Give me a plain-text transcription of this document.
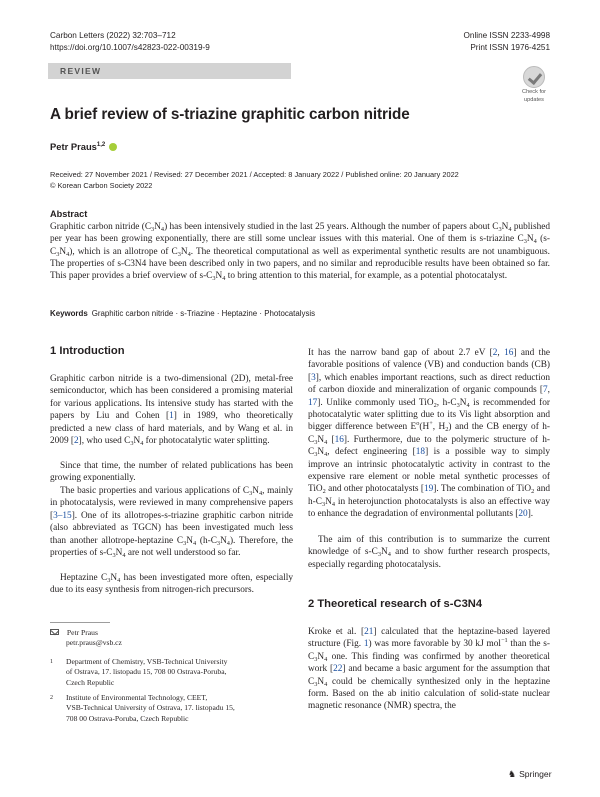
Carbon Letters (2022) 32:703–712
https://doi.org/10.1007/s42823-022-00319-9
Online ISSN 2233-4998
Print ISSN 1976-4251
REVIEW
Check for
updates
A brief review of s-triazine graphitic carbon nitride
Petr Praus$^{1,2}$
Received: 27 November 2021 / Revised: 27 December 2021 / Accepted: 8 January 2022 / Published online: 20 January 2022
© Korean Carbon Society 2022
Abstract
Graphitic carbon nitride $(C_3N_4)$ has been intensively studied in the last 25 years. Although the number of papers about $C_3N_4$ published per year has been growing exponentially, there are still some unclear issues with this material. One of them is s-triazine $C_3N_4$ $(s-C_3N_4)$, which is an allotrope of $C_3N_4$. The theoretical computational as well as experimental synthetic results are not unambiguous. The properties of s-C3N4 have been described only in two papers, and no similar and reproducible results have been obtained so far. This paper provides a brief overview of $s-C_3N_4$ to bring attention to this material, for example, as a potential photocatalyst.
Keywords Graphitic carbon nitride · s-Triazine · Heptazine · Photocatalysis
1 Introduction
Graphitic carbon nitride is a two-dimensional (2D), metal-free semiconductor, which has been considered a promising material for various applications. Its intensive study has started with the papers by Liu and Cohen [1] in 1989, who theoretically predicted a new class of hard materials, and by Wang et al. in 2009 [2], who used $C_3N_4$ for photocatalytic water splitting.
Since that time, the number of related publications has been growing exponentially.
The basic properties and various applications of $C_3N_4$, mainly in photocatalysis, were reviewed in many comprehensive papers [3–15]. One of its allotropes-s-triazine graphitic carbon nitride (also abbreviated as TGCN) has been investigated much less than another allotrope-heptazine $C_3N_4$ $(h-C_3N_4)$. Therefore, the properties of $s-C_3N_4$ are not well understood so far.
Heptazine $C_3N_4$ has been investigated more often, especially due to its easy synthesis from nitrogen-rich precursors.
Petr Praus
petr.praus@vsb.cz
1 Department of Chemistry, VSB-Technical University
of Ostrava, 17. listopadu 15, 708 00 Ostrava-Poruba,
Czech Republic
2 Institute of Environmental Technology, CEET,
VSB-Technical University of Ostrava, 17. listopadu 15,
708 00 Ostrava-Poruba, Czech Republic
It has the narrow band gap of about 2.7 eV [2, 16] and the favorable positions of valence (VB) and conduction bands (CB) [3], which enables important reactions, such as direct reduction of carbon dioxide and mineralization of organic compounds [7, 17]. Unlike commonly used TiO$_2$, $h-C_3N_4$ is recommended for photocatalytic water splitting due to its Vis light absorption and bigger difference between $E^o(H^+$, $H_2$) and the CB energy of $h-C_3N_4$ [16]. Furthermore, due to the polymeric structure of $h-C_3N_4$, defect engineering [18] is a possible way to simply improve an intrinsic photocatalytic activity in contrast to the expensive rare element or noble metal synthetic processes of TiO$_2$ and other photocatalysts [19]. The combination of TiO$_2$ and $h-C_3N_4$ in heterojunction photocatalysts is also an effective way to enhance the degradation of environmental pollutants [20].
The aim of this contribution is to summarize the current knowledge of $s-C_3N_4$ and to show further research prospects, especially regarding photocatalysis.
2 Theoretical research of s-C3N4
Kroke et al. [21] calculated that the heptazine-based layered structure (Fig. 1) was more favorable by 30 kJ mol$^{-1}$ than the $s-C_3N_4$ one. This finding was confirmed by another theoretical work [22] and became a basic argument for the assumption that $C_3N_4$ could be chemically synthesized only in the heptazine form. Based on the ab initio calculation of solid-state nuclear magnetic resonance (NMR) spectra, the
♞ Springer
